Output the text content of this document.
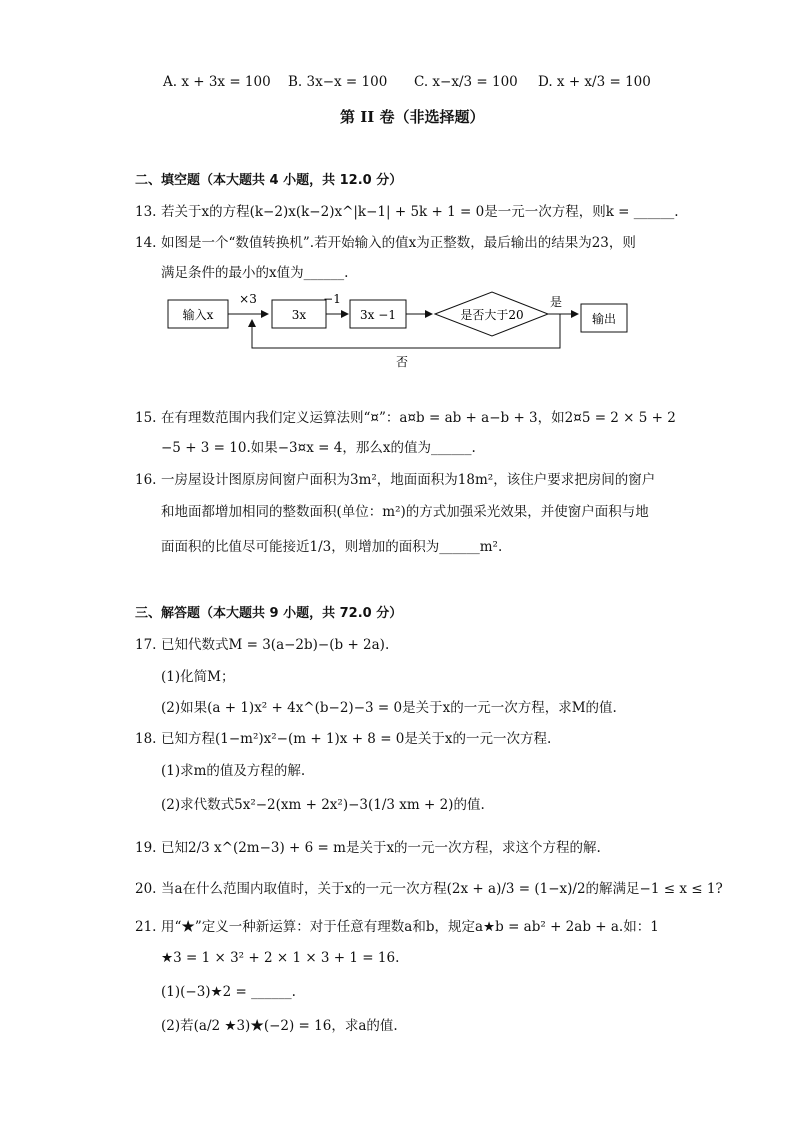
A. x + 3x = 100 B. 3x−x = 100 C. x−x/3 = 100 D. x + x/3 = 100
第 II 卷（非选择题）
二、填空题（本大题共 4 小题，共 12.0 分）
13. 若关于x的方程(k−2)x(k−2)x^|k−1| + 5k + 1 = 0是一元一次方程，则k = ______.
14. 如图是一个“数值转换机”.若开始输入的值x为正整数，最后输出的结果为23，则
满足条件的最小的x值为______.
输入x
×3
3x
−1
3x −1	是否大于20
是
输出
否
15. 在有理数范围内我们定义运算法则“¤”：a¤b = ab + a−b + 3，如2¤5 = 2 × 5 + 2
−5 + 3 = 10.如果−3¤x = 4，那么x的值为______.
16. 一房屋设计图原房间窗户面积为3m²，地面面积为18m²，该住户要求把房间的窗户
和地面都增加相同的整数面积(单位：m²)的方式加强采光效果，并使窗户面积与地
面面积的比值尽可能接近1/3，则增加的面积为______m².
三、解答题（本大题共 9 小题，共 72.0 分）
17. 已知代数式M = 3(a−2b)−(b + 2a).
(1)化简M；
(2)如果(a + 1)x² + 4x^(b−2)−3 = 0是关于x的一元一次方程，求M的值.
18. 已知方程(1−m²)x²−(m + 1)x + 8 = 0是关于x的一元一次方程.
(1)求m的值及方程的解.
(2)求代数式5x²−2(xm + 2x²)−3(1/3 xm + 2)的值.
19. 已知2/3 x^(2m−3) + 6 = m是关于x的一元一次方程，求这个方程的解.
20. 当a在什么范围内取值时，关于x的一元一次方程(2x + a)/3 = (1−x)/2的解满足−1 ≤ x ≤ 1?
21. 用“★”定义一种新运算：对于任意有理数a和b，规定a★b = ab² + 2ab + a.如：1
★3 = 1 × 3² + 2 × 1 × 3 + 1 = 16.
(1)(−3)★2 = ______.
(2)若(a/2 ★3)★(−2) = 16，求a的值.
